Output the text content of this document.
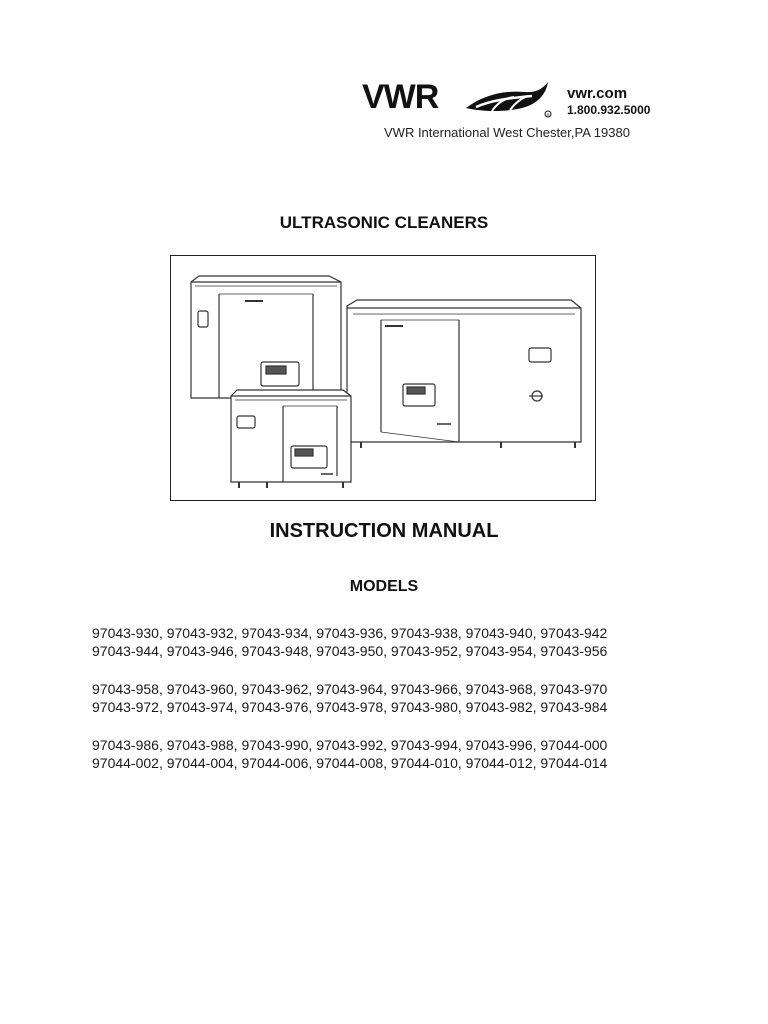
VWR	R
vwr.com
1.800.932.5000
VWR International West Chester,PA 19380
ULTRASONIC CLEANERS
INSTRUCTION MANUAL
MODELS
97043-930, 97043-932, 97043-934, 97043-936, 97043-938, 97043-940, 97043-942
97043-944, 97043-946, 97043-948, 97043-950, 97043-952, 97043-954, 97043-956
97043-958, 97043-960, 97043-962, 97043-964, 97043-966, 97043-968, 97043-970
97043-972, 97043-974, 97043-976, 97043-978, 97043-980, 97043-982, 97043-984
97043-986, 97043-988, 97043-990, 97043-992, 97043-994, 97043-996, 97044-000
97044-002, 97044-004, 97044-006, 97044-008, 97044-010, 97044-012, 97044-014
